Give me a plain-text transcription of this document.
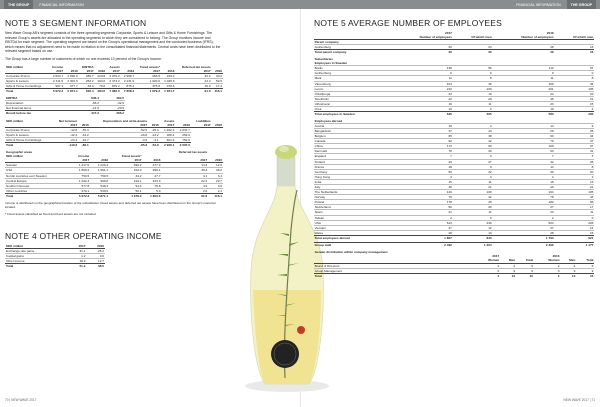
THE GROUP	FINANCIAL INFORMATION	FINANCIAL INFORMATION	THE GROUP
NOTE 3 SEGMENT INFORMATION

New Wave Group AB’s segment consists of the three operating segments Corporate, Sports & Leisure and Gifts & Home Furnishings. The relevant Group’s assets are allocated to the operating segments to which they are considered to belong. The Group monitors income and EBITDA for each segment. The operating segment are based on the Group’s operational management and the conducted business (IFRS), which means that no adjustment need to be made in relation to the consolidated financial statements. Central costs have been distributed to the relevant segment based on use.

The Group has a large number of customers of which no one exceeds 10 percent of the Group’s income.

SEK million	Income		EBITDA		Assets		Fixed assets*		Deferred tax assets	
	2017	2016	2017	2016	2017	2016	2017	2016	2017	2016
Corporate Promo	2 663.7	2 590.6	289.7	223.8	3 076.2	2 998.7	283.5	229.2	32.2	30.2
Sports & Leisure	2 311.5	2 302.9	253.2	194.0	2 373.2	2 231.9	1 020.0	1 045.9	44.4	52.6
Gifts & Home Furnishings	997.1	977.7	63.4	70.8	879.2	875.3	375.8	376.6	15.0	17.3
Total	5 972.3	5 871.1	636.4	484.5	7 960.5	7 858.2	1 679.3	1 651.7	91.6	116.1
EBITDA	636.4	484.5
Depreciation	-65.2	-32.9
Net financial items	-21.9	-29.9
Result before tax	417.2	365.2
SEK million	Net turnover		Depreciation and write-downs		Assets		Liabilities	
	2017	2016	2017	2016	2017	2016	2017	2016
Corporate Promo	-42.8	-35.3	-52.5	-25.3	1 932.2	2 031.7		
Sports & Leisure	-42.4	-33.2	-29.8	-23.2	189.2	252.9		
Gifts & Home Furnishings	-24.4	-19.7	-4.9	-4.1	664.3	752.6		
Total	-110.6	-88.1	-65.3	-52.9	2 936.1	3 007.0		
Geographic areas					Deferred tax assets	
SEK million	Income		Fixed assets*			
	2017	2016	2017	2016	2017	2016
Sweden	1 217.0	1 220.4	490.2	477.9	14.3	12.9
USA	1 800.2	1 591.1	910.0	990.1	39.4	39.2
Nordic countries excl Sweden	750.5	759.5	34.2	27.7	4.1	3.4
Central Europe	1 042.3	990.8	219.1	223.3	22.3	22.7
Southern Europe	577.8	548.4	94.4	78.8	4.9	3.9
Other countries	479.1	530.9	50.1	5.0	2.6	2.1
Total	5 972.3	5 871.1	1 679.3	1 803.6	91.6	116.1

Income is distributed on the geographical location of the subsidiaries. Fixed assets and deferred tax assets have been distributed on the Group’s customer located.

* Fixed assets classified as fixed and fixed assets are not included.

NOTE 4 OTHER OPERATING INCOME
SEK million	2017	2016
Exchange rate gains	31.1	25.2
Capital gains	1.2	0.6
Other income	18.9	12.7
Total	51.2	38.5
NOTE 5 AVERAGE NUMBER OF EMPLOYEES
	2017		2016	
	Number of employees	Of which men	Number of employees	Of which men
Parent company				
Gothenburg	20	23	26	16
Total parent company	20	23	26	16

Subsidiaries				
Employees in Sweden				
Borås	139	56	112	57
Gothenburg	0	0	0	0
Mark	11	8	11	8
Vänersborg	104	39	106	35
Lerum	210	100	201	105
Örkelljunga	23	10	24	10
Stockholm	22	20	46	21
Ulricehamn	19	11	23	15
Orsa	10	3	10	4
Total employees in Sweden	635	265	583	260

Employees abroad				
Austria	19	4	14	9
Bangladesh	47	44	29	25
Belgium	65	38	60	34
Canada	92	42	79	37
China	173	69	169	67
Denmark	78	30	63	31
England	7	3	7	3
Finland	46	27	42	26
France	18	9	14	8
Germany	50	22	40	20
Hong Kong	4	3	4	2
India	15	11	18	13
Italy	48	21	49	21
The Netherlands	120	100	164	105
Norway	70	42	78	43
Poland	178	30	182	66
Switzerland	50	20	27	17
Spain	21	11	23	11
Taiwan	2	0	2	0
USA	613	249	524	226
Vietnam	27	12	27	12
Wales	28	14	28	15
Total employees abroad	1 807	840	1 793	921

Group total	2 492	1 204	2 396	1 177
Gender distribution within company management						
	2017			2016		
	Women	Men	Total	Women	Men	Total
Board of Directors	2	4	6	2	4	6
Group Management	0	9	9	0	9	9
Total	2	13	15	2	13	15
70 | NEW WAVE 2017	NEW WAVE 2017 | 71
